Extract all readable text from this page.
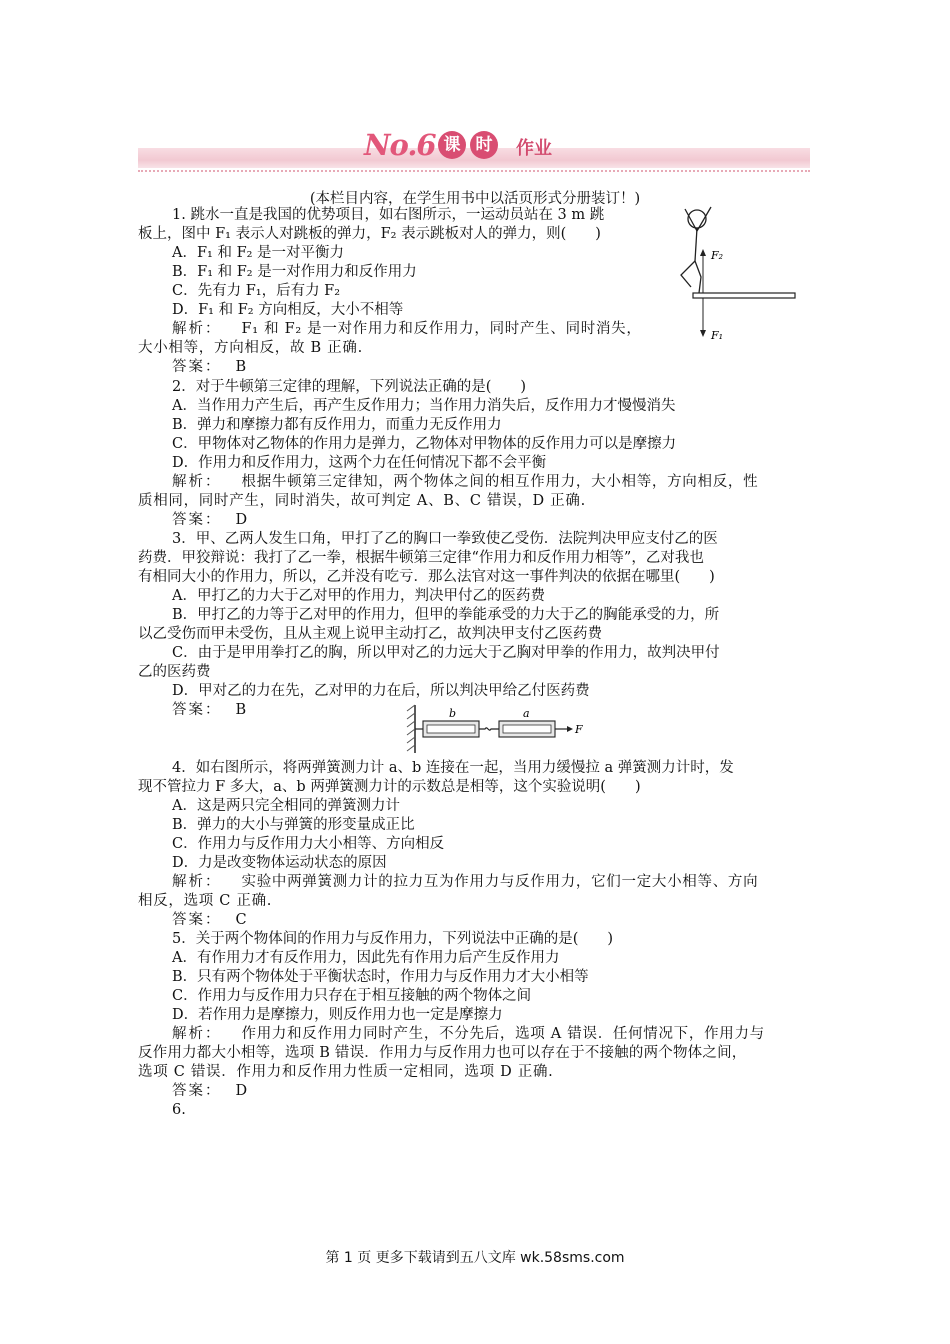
No.6 课 时	作业
(本栏目内容，在学生用书中以活页形式分册装订！)
1. 跳水一直是我国的优势项目，如右图所示，一运动员站在 3 m 跳
板上，图中 F₁ 表示人对跳板的弹力，F₂ 表示跳板对人的弹力，则(　　)
A．F₁ 和 F₂ 是一对平衡力
B．F₁ 和 F₂ 是一对作用力和反作用力
C．先有力 F₁，后有力 F₂
D．F₁ 和 F₂ 方向相反，大小不相等
解析： F₁ 和 F₂ 是一对作用力和反作用力，同时产生、同时消失，
大小相等，方向相反，故 B 正确.
答案： B
F₂
F₁
2．对于牛顿第三定律的理解，下列说法正确的是(　　)
A．当作用力产生后，再产生反作用力；当作用力消失后，反作用力才慢慢消失
B．弹力和摩擦力都有反作用力，而重力无反作用力
C．甲物体对乙物体的作用力是弹力，乙物体对甲物体的反作用力可以是摩擦力
D．作用力和反作用力，这两个力在任何情况下都不会平衡
解析： 根据牛顿第三定律知，两个物体之间的相互作用力，大小相等，方向相反，性
质相同，同时产生，同时消失，故可判定 A、B、C 错误，D 正确.
答案： D
3．甲、乙两人发生口角，甲打了乙的胸口一拳致使乙受伤．法院判决甲应支付乙的医
药费．甲狡辩说：我打了乙一拳，根据牛顿第三定律“作用力和反作用力相等”，乙对我也
有相同大小的作用力，所以，乙并没有吃亏．那么法官对这一事件判决的依据在哪里(　　)
A．甲打乙的力大于乙对甲的作用力，判决甲付乙的医药费
B．甲打乙的力等于乙对甲的作用力，但甲的拳能承受的力大于乙的胸能承受的力，所
以乙受伤而甲未受伤，且从主观上说甲主动打乙，故判决甲支付乙医药费
C．由于是甲用拳打乙的胸，所以甲对乙的力远大于乙胸对甲拳的作用力，故判决甲付
乙的医药费
D．甲对乙的力在先，乙对甲的力在后，所以判决甲给乙付医药费
答案： B	b	a
F
4．如右图所示，将两弹簧测力计 a、b 连接在一起，当用力缓慢拉 a 弹簧测力计时，发
现不管拉力 F 多大，a、b 两弹簧测力计的示数总是相等，这个实验说明(　　)
A．这是两只完全相同的弹簧测力计
B．弹力的大小与弹簧的形变量成正比
C．作用力与反作用力大小相等、方向相反
D．力是改变物体运动状态的原因
解析： 实验中两弹簧测力计的拉力互为作用力与反作用力，它们一定大小相等、方向
相反，选项 C 正确.
答案： C
5．关于两个物体间的作用力与反作用力，下列说法中正确的是(　　)
A．有作用力才有反作用力，因此先有作用力后产生反作用力
B．只有两个物体处于平衡状态时，作用力与反作用力才大小相等
C．作用力与反作用力只存在于相互接触的两个物体之间
D．若作用力是摩擦力，则反作用力也一定是摩擦力
解析： 作用力和反作用力同时产生，不分先后，选项 A 错误．任何情况下，作用力与
反作用力都大小相等，选项 B 错误．作用力与反作用力也可以存在于不接触的两个物体之间，
选项 C 错误．作用力和反作用力性质一定相同，选项 D 正确.
答案： D
6.
第 1 页 更多下载请到五八文库 wk.58sms.com
